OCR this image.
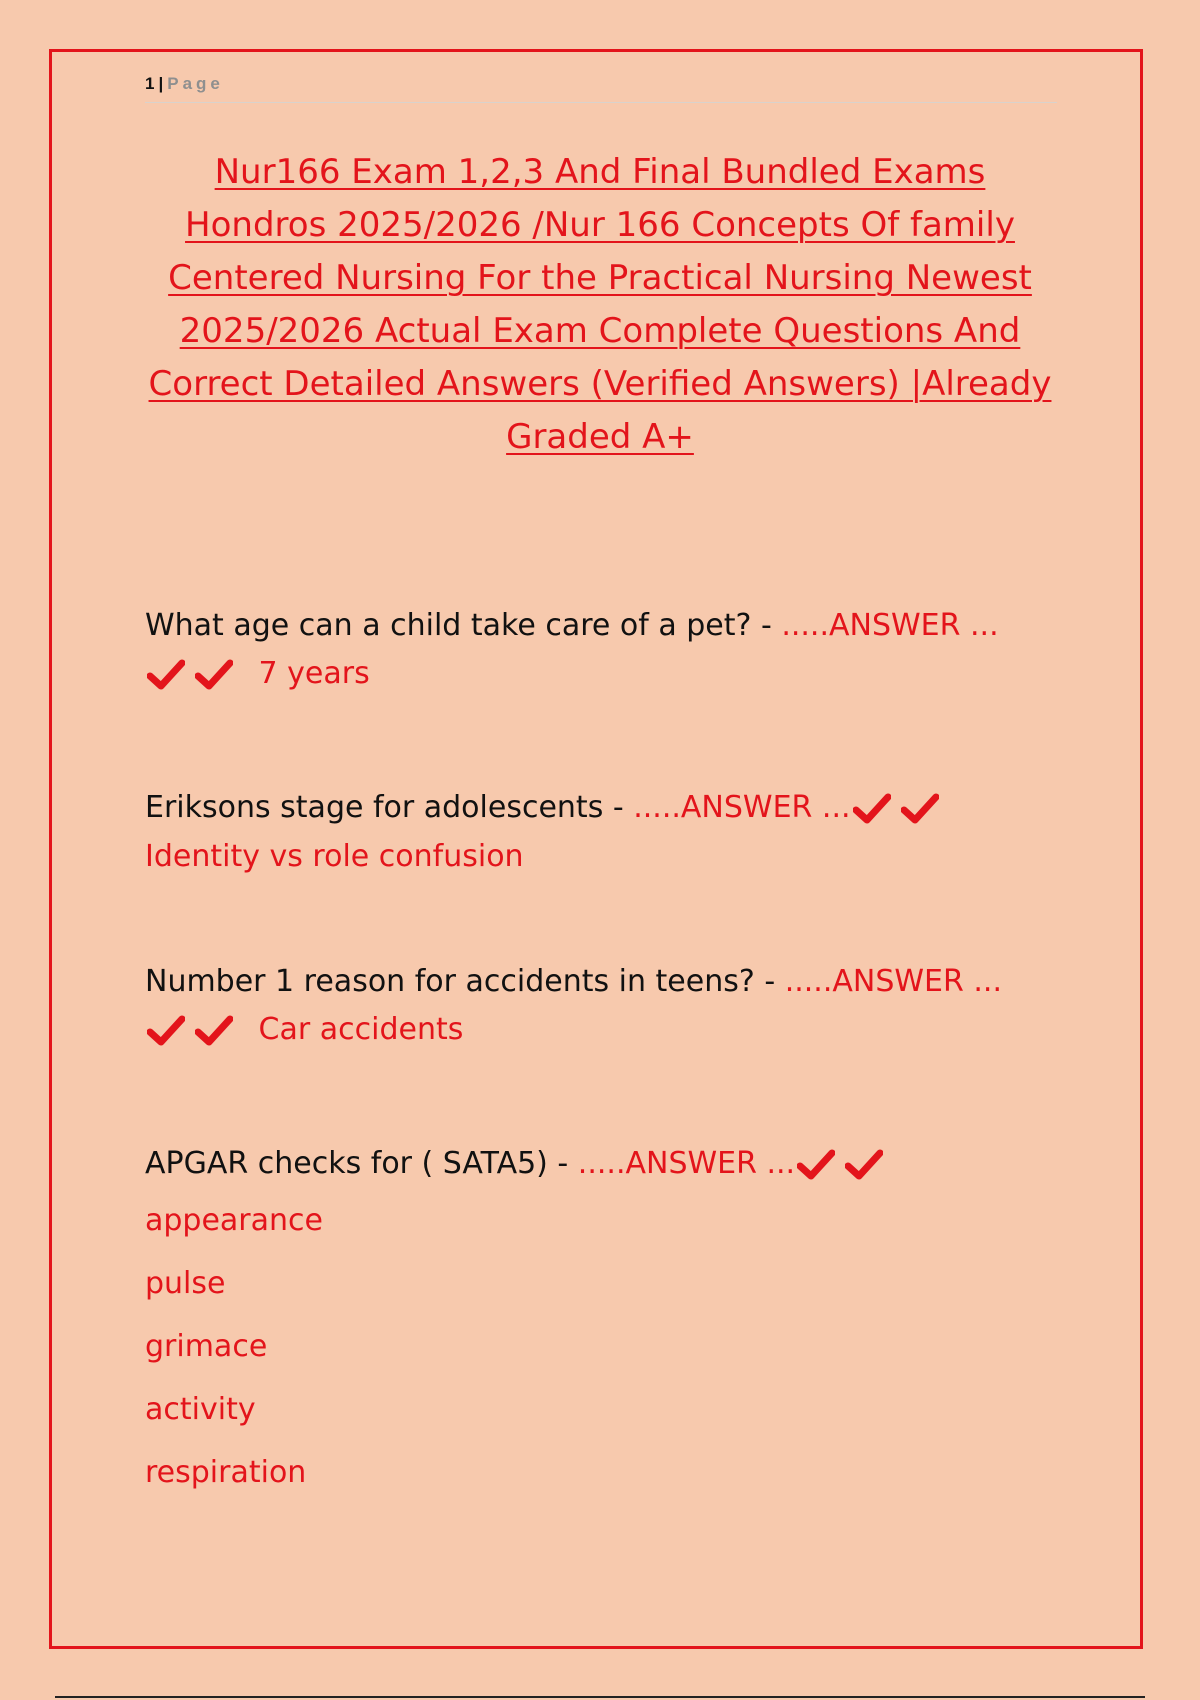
1 | Page
Nur166 Exam 1,2,3 And Final Bundled Exams Hondros 2025/2026 /Nur 166 Concepts Of family Centered Nursing For the Practical Nursing Newest 2025/2026 Actual Exam Complete Questions And Correct Detailed Answers (Verified Answers) |Already Graded A+
What age can a child take care of a pet? - .....ANSWER ...
7 years
Eriksons stage for adolescents - .....ANSWER ...

Identity vs role confusion
Number 1 reason for accidents in teens? - .....ANSWER ...
Car accidents
APGAR checks for ( SATA5) - .....ANSWER ...
appearance
pulse
grimace
activity
respiration
